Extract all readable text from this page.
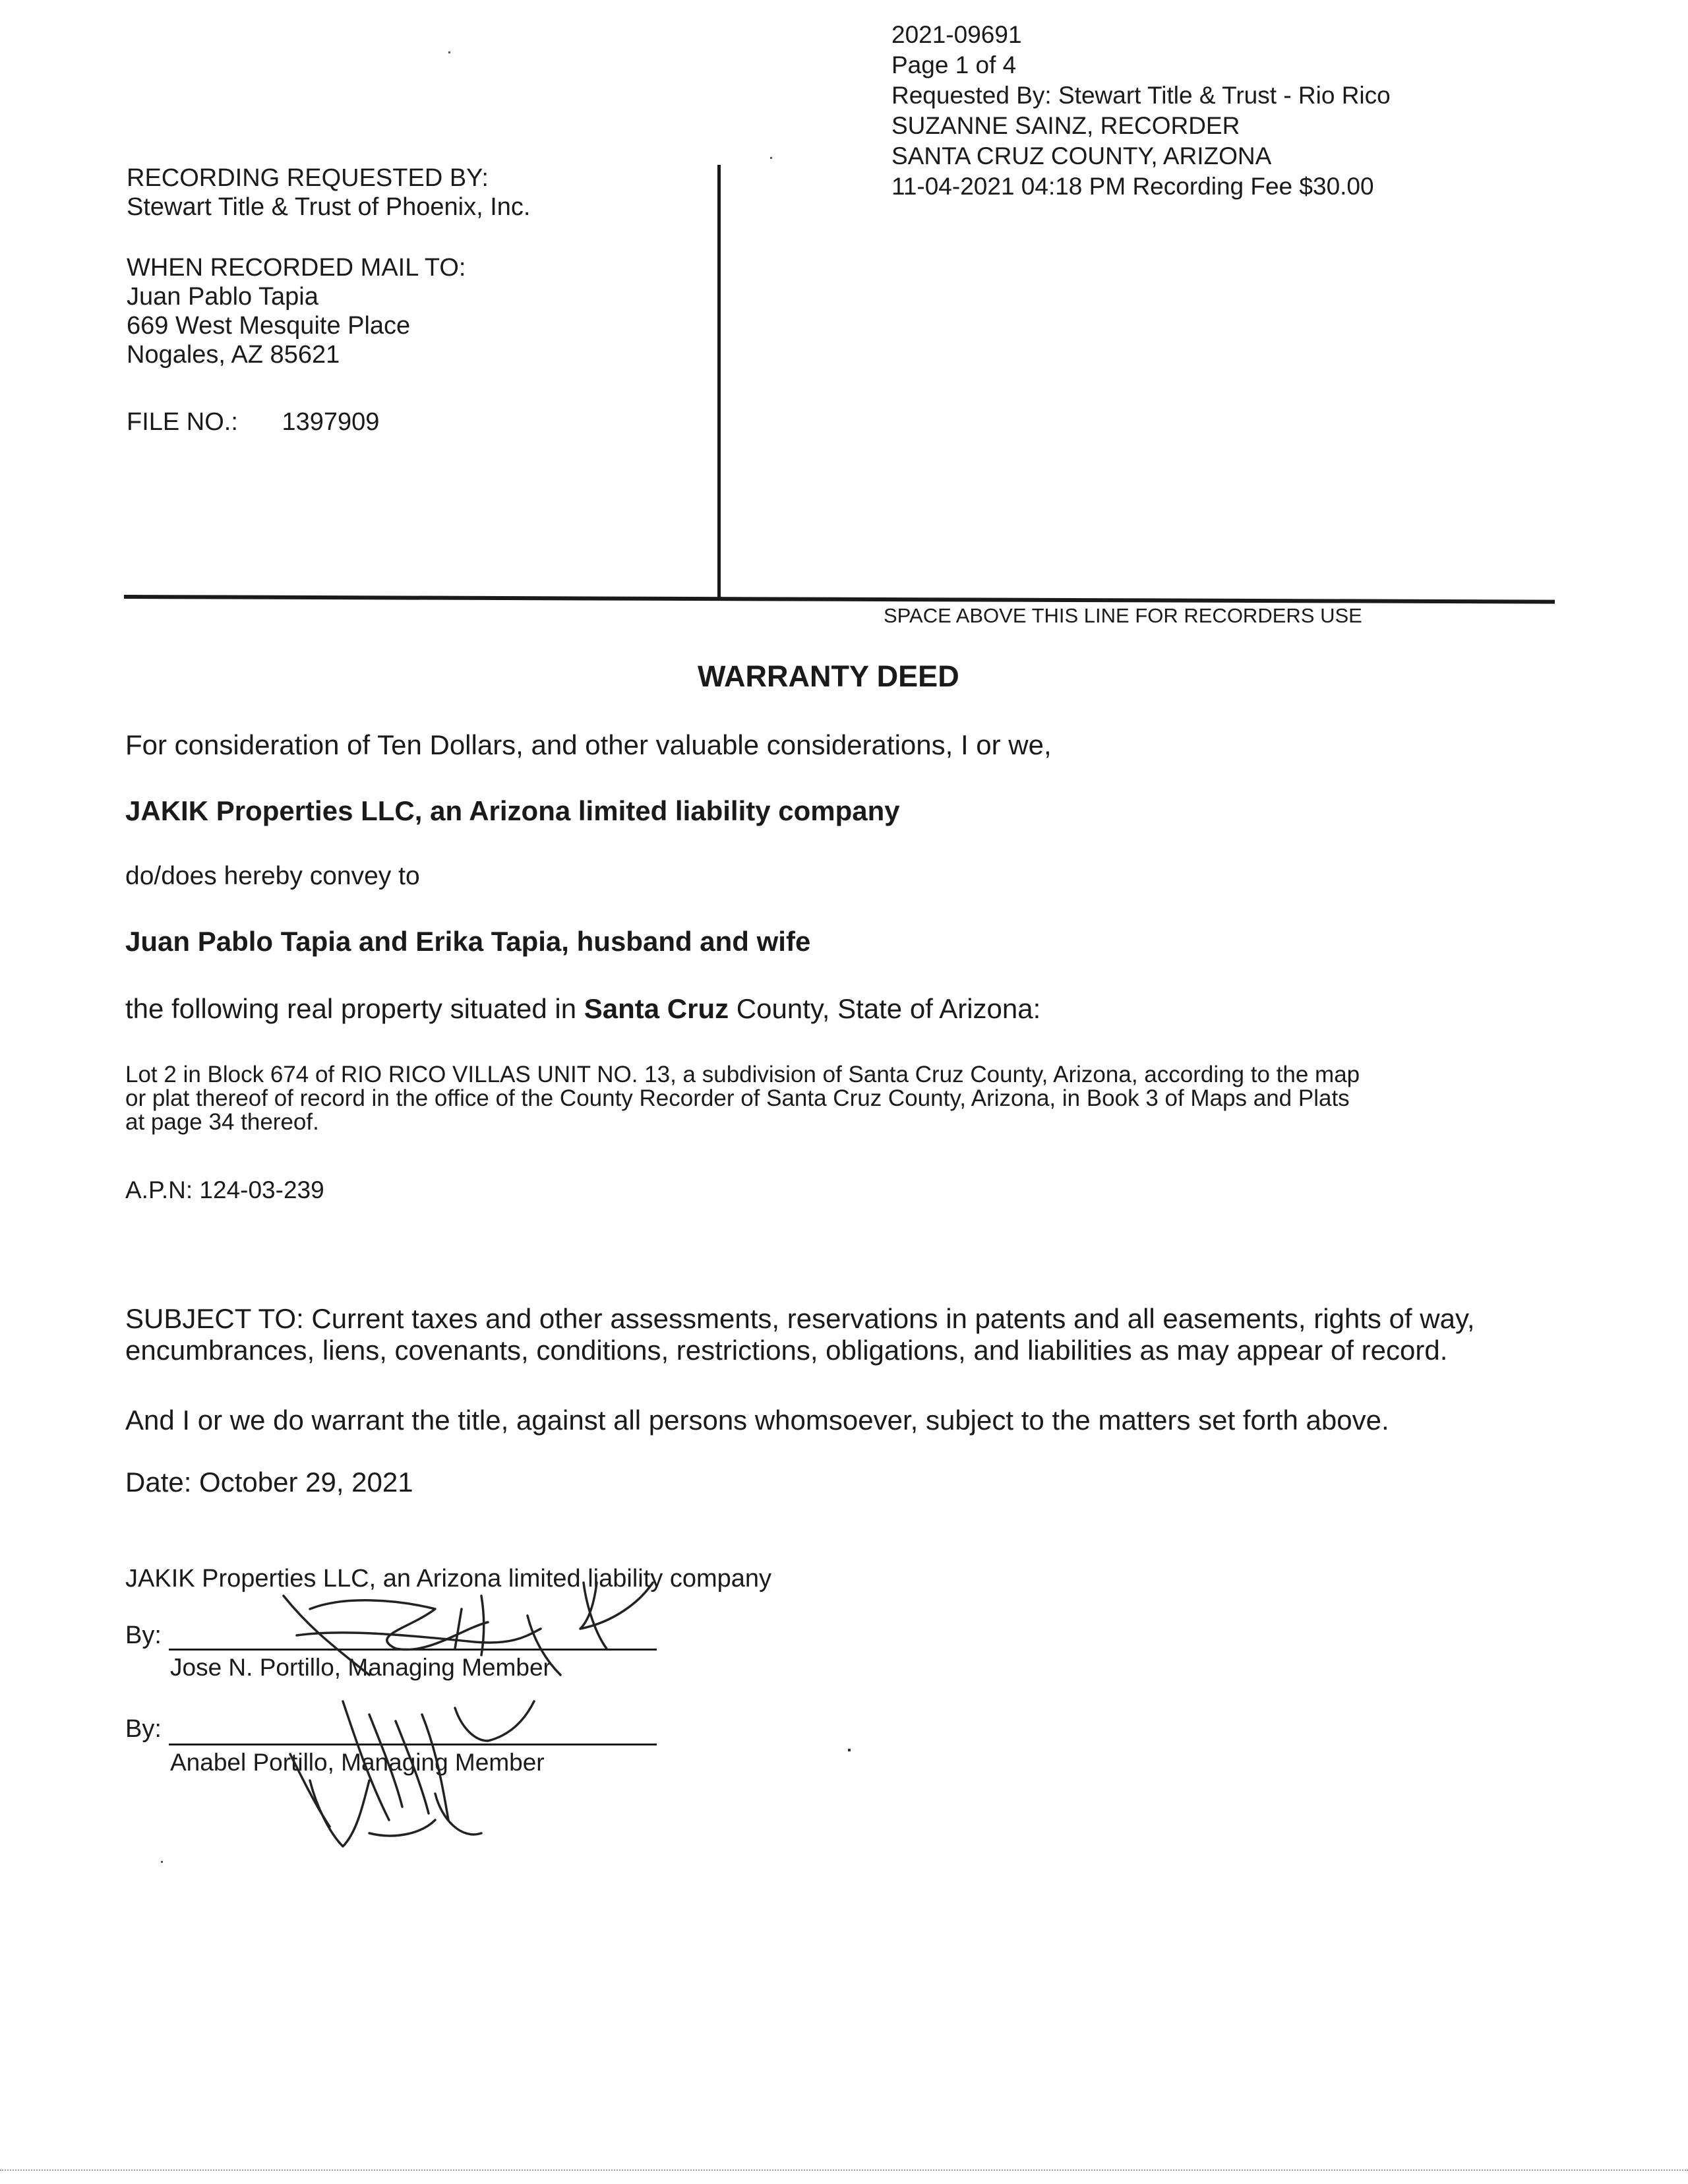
2021-09691
Page 1 of 4
Requested By: Stewart Title & Trust - Rio Rico
SUZANNE SAINZ, RECORDER
SANTA CRUZ COUNTY, ARIZONA
11-04-2021 04:18 PM Recording Fee $30.00
RECORDING REQUESTED BY:
Stewart Title & Trust of Phoenix, Inc.
WHEN RECORDED MAIL TO:
Juan Pablo Tapia
669 West Mesquite Place
Nogales, AZ 85621
FILE NO.: 1397909
SPACE ABOVE THIS LINE FOR RECORDERS USE
WARRANTY DEED
For consideration of Ten Dollars, and other valuable considerations, I or we,
JAKIK Properties LLC, an Arizona limited liability company
do/does hereby convey to
Juan Pablo Tapia and Erika Tapia, husband and wife
the following real property situated in Santa Cruz County, State of Arizona:
Lot 2 in Block 674 of RIO RICO VILLAS UNIT NO. 13, a subdivision of Santa Cruz County, Arizona, according to the map
or plat thereof of record in the office of the County Recorder of Santa Cruz County, Arizona, in Book 3 of Maps and Plats
at page 34 thereof.
A.P.N: 124-03-239
SUBJECT TO: Current taxes and other assessments, reservations in patents and all easements, rights of way,
encumbrances, liens, covenants, conditions, restrictions, obligations, and liabilities as may appear of record.
And I or we do warrant the title, against all persons whomsoever, subject to the matters set forth above.
Date: October 29, 2021
JAKIK Properties LLC, an Arizona limited liability company
By:
Jose N. Portillo, Managing Member
By:
Anabel Portillo, Managing Member
